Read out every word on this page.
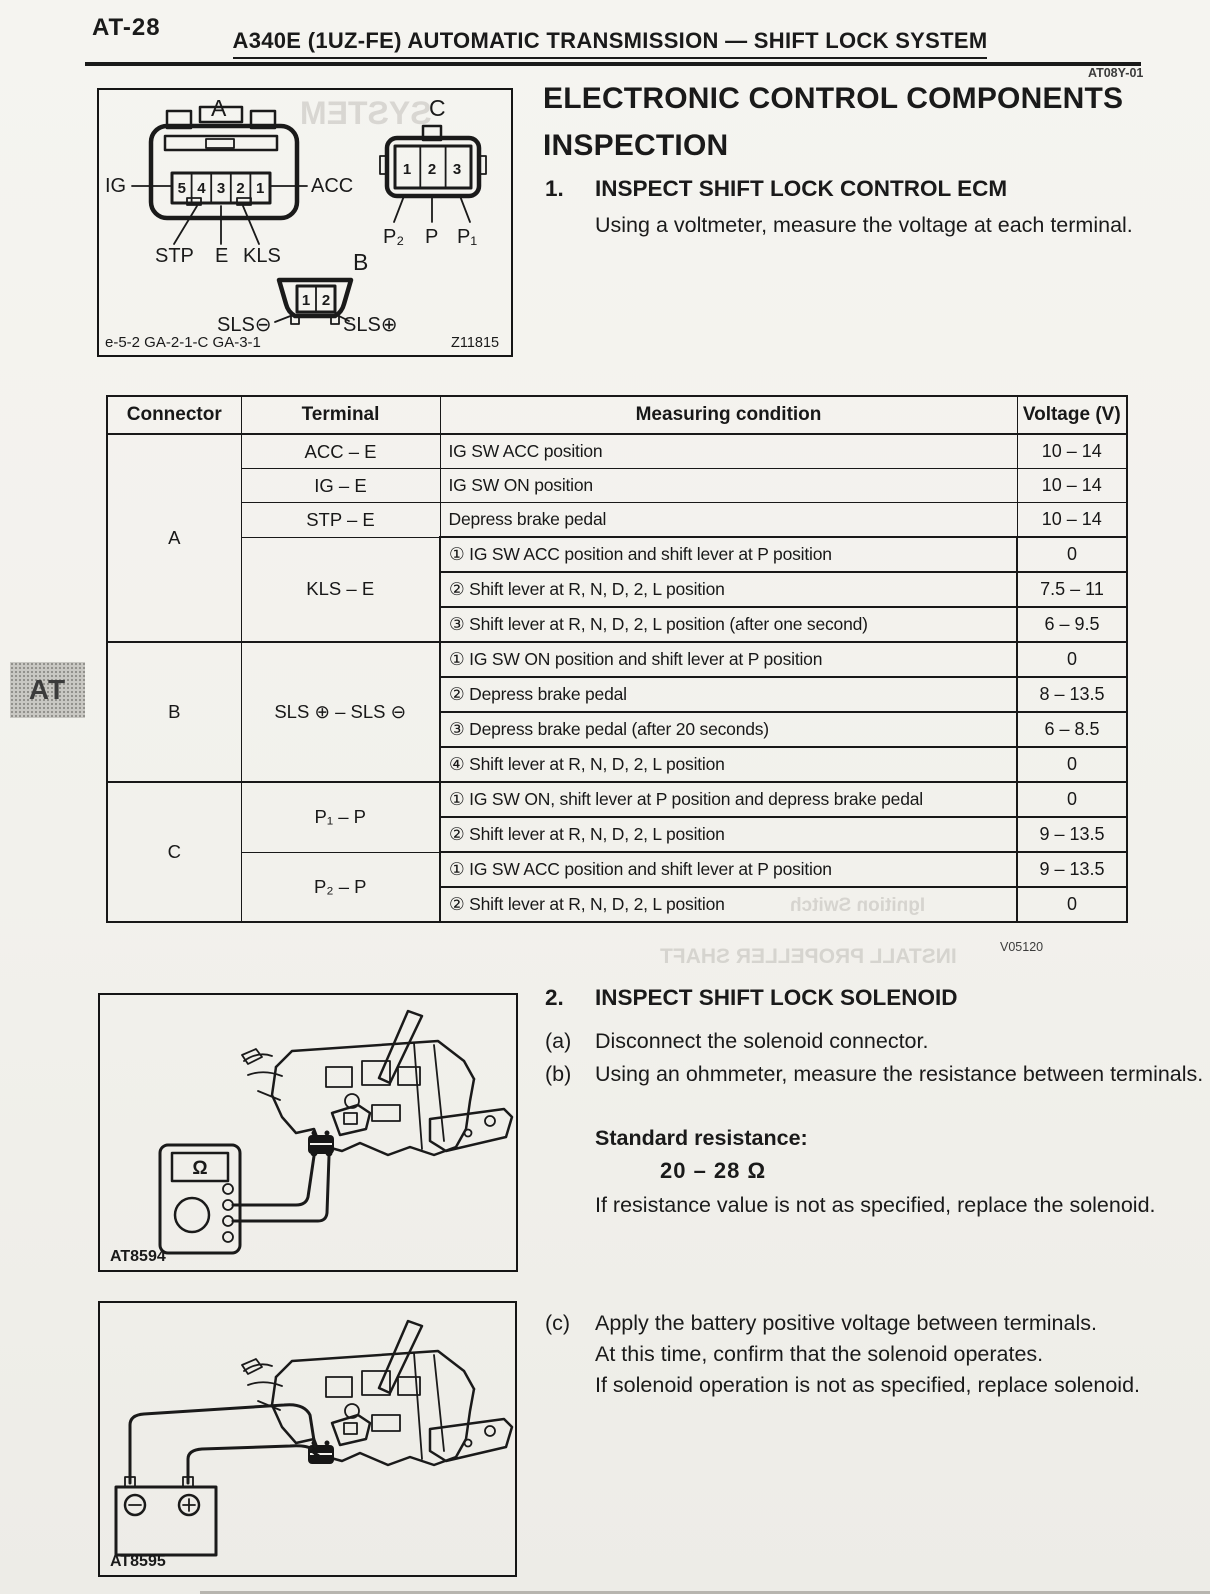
SYSTEM
Ignition Switch
INSTALL PROPELLER SHAFT
AT-28	A340E (1UZ-FE) AUTOMATIC TRANSMISSION — SHIFT LOCK SYSTEM
AT
A
5 4 3 2 1
IG	ACC
STP E KLS
C
1 2 3
P₂ P P₁
B
1 2
SLS⊖	SLS⊕
e-5-2 GA-2-1-C GA-3-1	Z11815
AT08Y-01
ELECTRONIC CONTROL COMPONENTS
INSPECTION
1.	INSPECT SHIFT LOCK CONTROL ECM
Using a voltmeter, measure the voltage at each terminal.
Connector	Terminal	Measuring condition	Voltage (V)
A	ACC – E	IG SW ACC position	10 – 14
	IG – E	IG SW ON position	10 – 14
	STP – E	Depress brake pedal	10 – 14
	KLS – E	① IG SW ACC position and shift lever at P position	0
		② Shift lever at R, N, D, 2, L position	7.5 – 11
		③ Shift lever at R, N, D, 2, L position (after one second)	6 – 9.5
B	SLS ⊕ – SLS ⊖	① IG SW ON position and shift lever at P position	0
		② Depress brake pedal	8 – 13.5
		③ Depress brake pedal (after 20 seconds)	6 – 8.5
		④ Shift lever at R, N, D, 2, L position	0
C	P₁ – P	① IG SW ON, shift lever at P position and depress brake pedal	0
		② Shift lever at R, N, D, 2, L position	9 – 13.5
	P₂ – P	① IG SW ACC position and shift lever at P position	9 – 13.5
		② Shift lever at R, N, D, 2, L position	0
V05120
Ω
AT8594
AT8595
2.	INSPECT SHIFT LOCK SOLENOID
(a)	Disconnect the solenoid connector.
(b)	Using an ohmmeter, measure the resistance between terminals.
Standard resistance:
20 – 28 Ω
If resistance value is not as specified, replace the solenoid.
(c)	Apply the battery positive voltage between terminals.
At this time, confirm that the solenoid operates.
If solenoid operation is not as specified, replace solenoid.
